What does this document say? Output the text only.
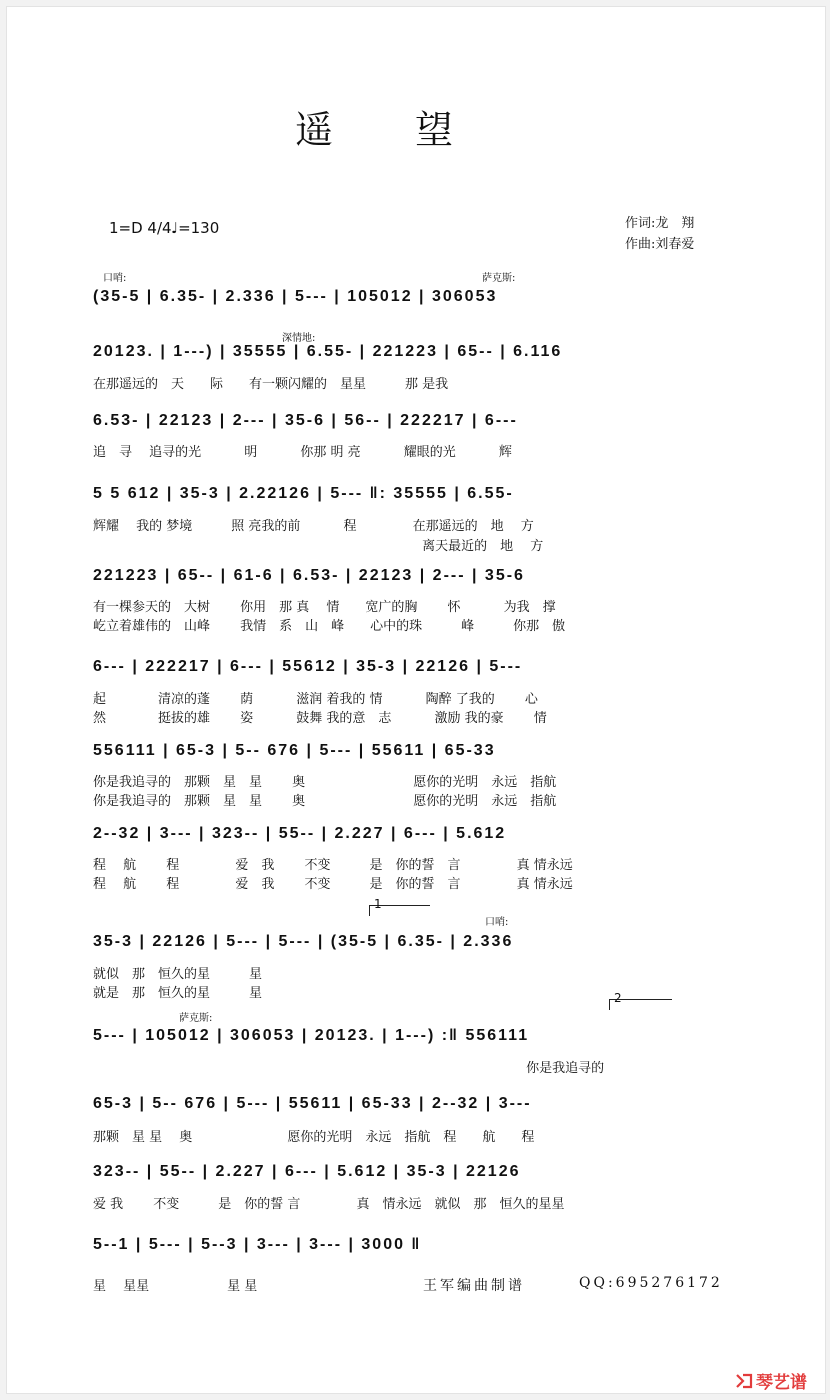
遥　　望
1=D 4/4 ♩=130	作词:龙　翔
作曲:刘春爱
口哨:	萨克斯:
(35-5 | 6.35- | 2.336 | 5--- | 105012 | 306053
深情地:
20123. | 1---) | 35555 | 6.55- | 221223 | 65-- | 6.116
在那遥远的　天　　际　　有一颗闪耀的　星星　　　那 是我
6.53- | 22123 | 2--- | 35-6 | 56-- | 222217 | 6---
追　寻　 追寻的光　　　 明　　　 你那 明 亮　　　 耀眼的光　　　 辉
5 5 612 | 35-3 | 2.22126 | 5--- ‖: 35555 | 6.55-
辉耀　 我的 梦境　　　照 亮我的前　　　 程　　　　 在那遥远的　地　 方
　　　　　　　　　　　　　　　　　　　　　　　　　 离天最近的　地　 方
221223 | 65-- | 61-6 | 6.53- | 22123 | 2--- | 35-6
有一棵参天的　大树　　 你用　那 真　 情　　宽广的胸　　 怀　　　 为我　撑
屹立着雄伟的　山峰　　 我情　系　山　峰　　心中的珠　　　峰　　　你那　傲
6--- | 222217 | 6--- | 55612 | 35-3 | 22126 | 5---
起　　　　清凉的蓬　　 荫　　　 滋润 着我的 情　　　 陶醉 了我的　　 心
然　　　　挺拔的雄　　 姿　　　 鼓舞 我的意　志　　　 激励 我的豪　　 情
556111 | 65-3 | 5-- 676 | 5--- | 55611 | 65-33
你是我追寻的　那颗　星　星　　 奥　　　　　　　　 愿你的光明　永远　指航
你是我追寻的　那颗　星　星　　 奥　　　　　　　　 愿你的光明　永远　指航
2--32 | 3--- | 323-- | 55-- | 2.227 | 6--- | 5.612
程　 航　　 程　　　　 爱　我　　 不变　　　是　你的誓　言　　　　 真 情永远
程　 航　　 程　　　　 爱　我　　 不变　　　是　你的誓　言　　　　 真 情永远
1
口哨:
35-3 | 22126 | 5--- | 5--- | (35-5 | 6.35- | 2.336
就似　那　恒久的星　　　星
就是　那　恒久的星　　　星
萨克斯:
2
5--- | 105012 | 306053 | 20123. | 1---) :‖ 556111
　　　　　　　　　　　　　　　　　　　　　　　　　　　　　　　　　 你是我追寻的
65-3 | 5-- 676 | 5--- | 55611 | 65-33 | 2--32 | 3---
那颗　星 星　 奥　　　　　　　 愿你的光明　永远　指航　程　　航　　程
323-- | 55-- | 2.227 | 6--- | 5.612 | 35-3 | 22126
爱 我　　 不变　　　是　你的誓 言　　　　 真　情永远　就似　那　恒久的星星
5--1 | 5--- | 5--3 | 3--- | 3--- | 3000 ‖
星　 星星　　　　　　星 星	王军编曲制谱	QQ:695276172
琴艺谱
